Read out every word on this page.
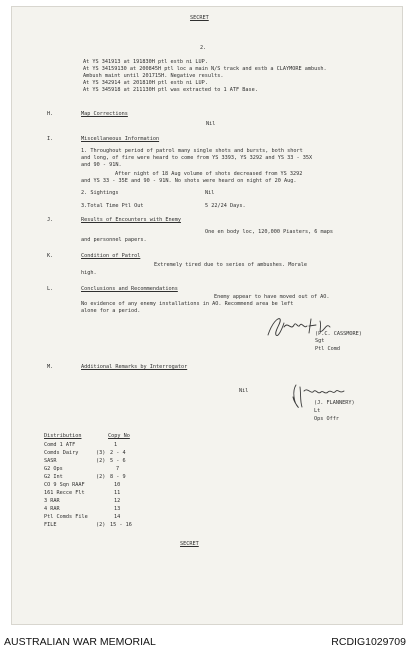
SECRET
2.
At YS 341913 at 191830H ptl estb ni LUP.
At YS 34159130 at 200845H ptl loc a main N/S track and estb a CLAYMORE ambush.
Ambush maint until 201715H. Negative results.
At YS 342914 at 201810H ptl estb ni LUP.
At YS 345918 at 211130H ptl was extracted to 1 ATF Base.
H.	Map Corrections
Nil
I.	Miscellaneous Information
1. Throughout period of patrol many single shots and bursts, both short
and long, of fire were heard to come from YS 3393, YS 3292 and YS 33 - 35X
and 90 - 91N.
After night of 18 Aug volume of shots decreased from YS 3292
and YS 33 - 35E and 90 - 91N. No shots were heard on night of 20 Aug.
2. Sightings	Nil
3.Total Time Ptl Out	5 22/24 Days.
J.	Results of Encounters with Enemy
One en body loc, 120,000 Piasters, 6 maps
and personnel papers.
K.	Condition of Patrol
Extremely tired due to series of ambushes. Morale
high.
L.	Conclusions and Recommendations
Enemy appear to have moved out of AO.
No evidence of any enemy installations in AO. Recommend area be left
alone for a period.
(P.C. CASSMORE)
Sgt
Ptl Comd
M.	Additional Remarks by Interrogator
Nil
(J. FLANNERY)
Lt
Ops Offr
Distribution	Copy No
Comd 1 ATF	1
Comds Dairy	(3) 2 - 4
SASR	(2) 5 - 6
G2 Ops	7
G2 Int	(2) 8 - 9
CO 9 Sqn RAAF	10
161 Recce Flt	11
3 RAR	12
4 RAR	13
Ptl Comds File	14
FILE	(2) 15 - 16
SECRET
AUSTRALIAN WAR MEMORIAL	RCDIG1029709
